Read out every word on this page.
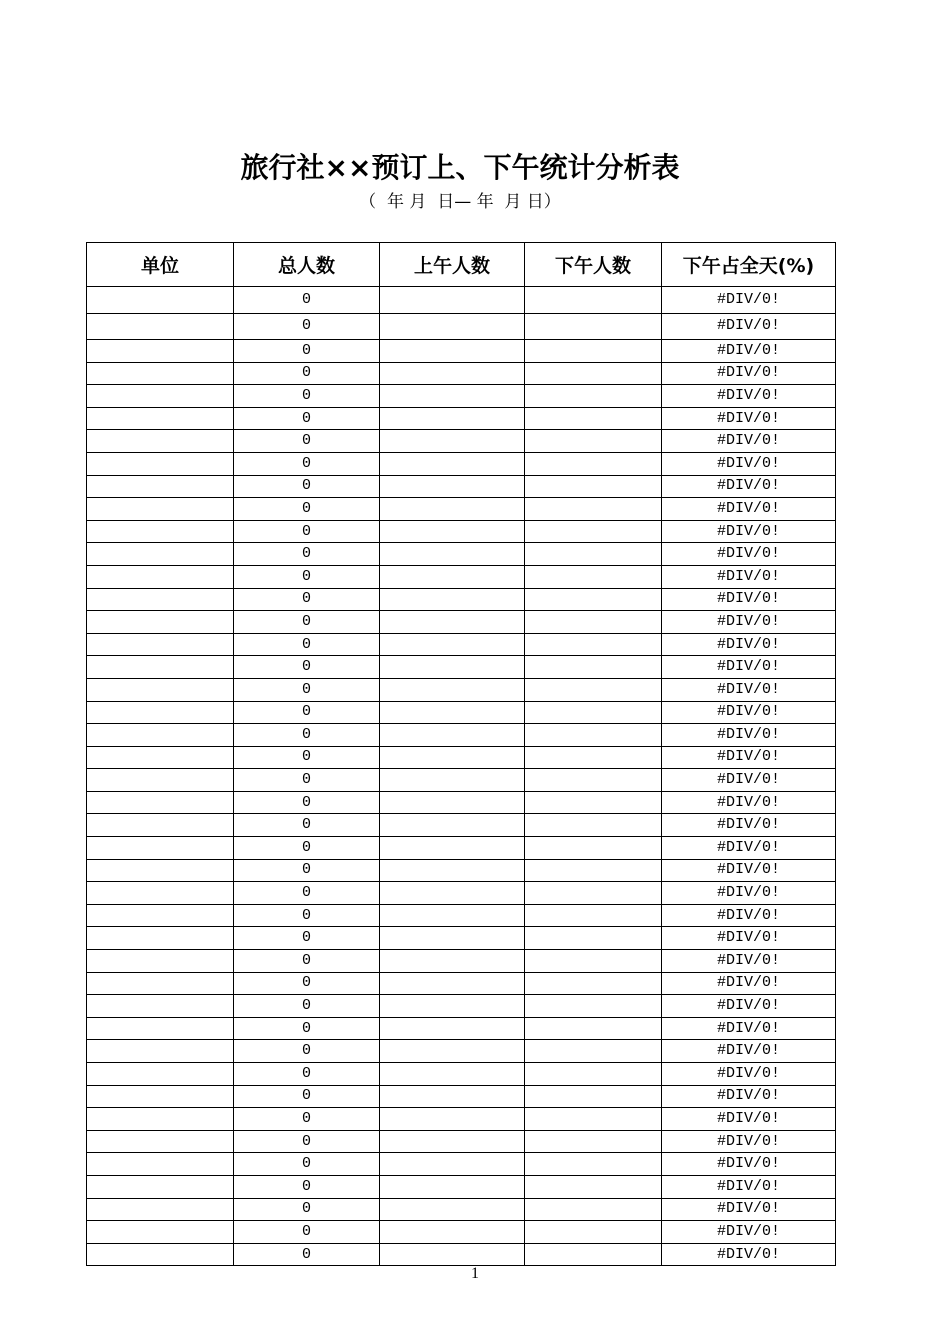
旅行社××预订上、下午统计分析表
（  年 月  日— 年  月 日）
单位	总人数	上午人数	下午人数	下午占全天(%)
	0			#DIV/0!
	0			#DIV/0!
	0			#DIV/0!
	0			#DIV/0!
	0			#DIV/0!
	0			#DIV/0!
	0			#DIV/0!
	0			#DIV/0!
	0			#DIV/0!
	0			#DIV/0!
	0			#DIV/0!
	0			#DIV/0!
	0			#DIV/0!
	0			#DIV/0!
	0			#DIV/0!
	0			#DIV/0!
	0			#DIV/0!
	0			#DIV/0!
	0			#DIV/0!
	0			#DIV/0!
	0			#DIV/0!
	0			#DIV/0!
	0			#DIV/0!
	0			#DIV/0!
	0			#DIV/0!
	0			#DIV/0!
	0			#DIV/0!
	0			#DIV/0!
	0			#DIV/0!
	0			#DIV/0!
	0			#DIV/0!
	0			#DIV/0!
	0			#DIV/0!
	0			#DIV/0!
	0			#DIV/0!
	0			#DIV/0!
	0			#DIV/0!
	0			#DIV/0!
	0			#DIV/0!
	0			#DIV/0!
	0			#DIV/0!
	0			#DIV/0!
	0			#DIV/0!
1
